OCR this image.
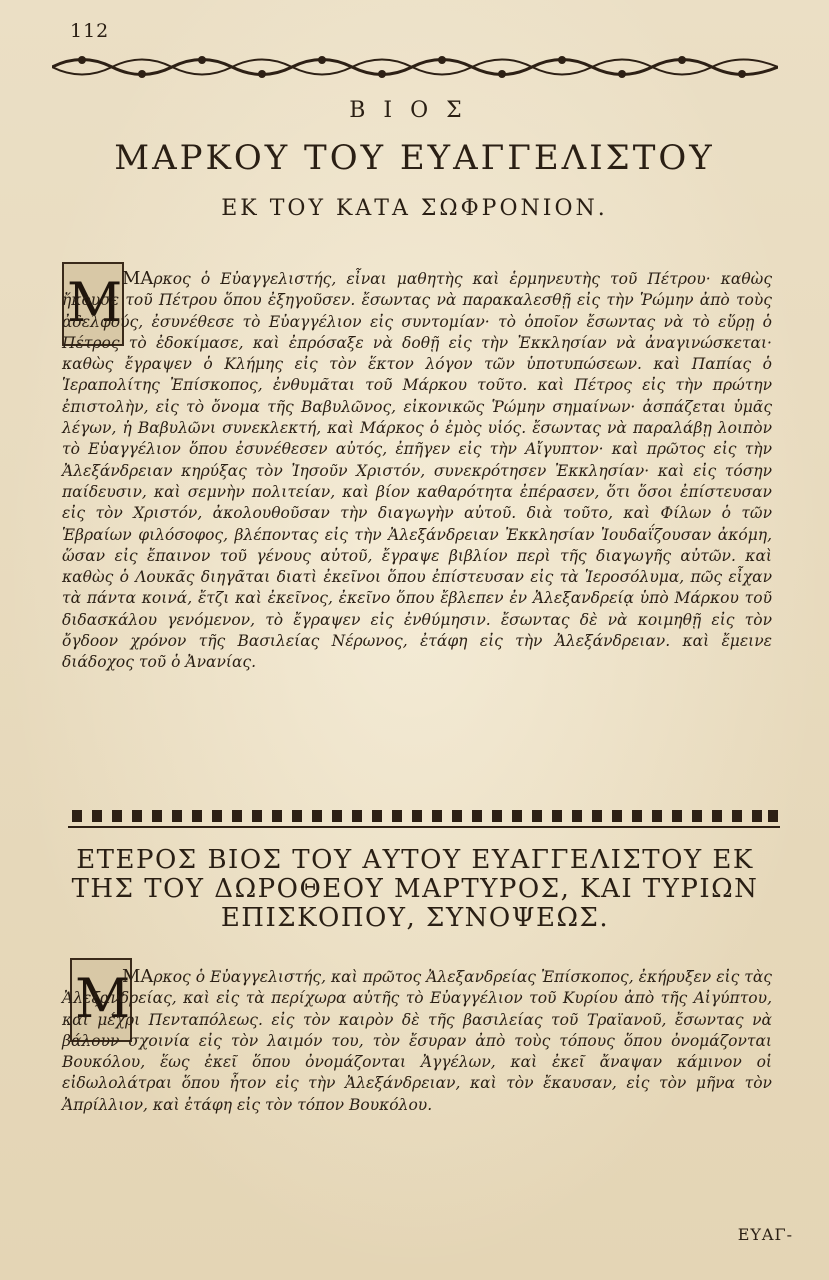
112
ΒΙΟΣ
ΜΑΡΚΟΥ ΤΟΥ ΕΥΑΓΓΕΛΙΣΤΟΥ
ΕΚ ΤΟΥ ΚΑΤΑ ΣΩΦΡΟΝΙΟΝ.
Μ ΜΑρκος ὁ Εὐαγγελιστής, εἶναι μαθητὴς καὶ ἑρμηνευτὴς τοῦ Πέτρου· καθὼς ἤκουσε τοῦ Πέτρου ὅπου ἐξηγοῦσεν. ἔσωντας νὰ παρακαλεσθῇ εἰς τὴν Ῥώμην ἀπὸ τοὺς ἀδελφούς, ἐσυνέθεσε τὸ Εὐαγγέλιον εἰς συντομίαν· τὸ ὁποῖον ἔσωντας νὰ τὸ εὕρῃ ὁ Πέτρος τὸ ἐδοκίμασε, καὶ ἐπρόσαξε νὰ δοθῇ εἰς τὴν Ἐκκλησίαν νὰ ἀναγινώσκεται· καθὼς ἔγραψεν ὁ Κλήμης εἰς τὸν ἕκτον λόγον τῶν ὑποτυπώσεων. καὶ Παπίας ὁ Ἱεραπολίτης Ἐπίσκοπος, ἐνθυμᾶται τοῦ Μάρκου τοῦτο. καὶ Πέτρος εἰς τὴν πρώτην ἐπιστολὴν, εἰς τὸ ὄνομα τῆς Βαβυλῶνος, εἰκονικῶς Ῥώμην σημαίνων· ἀσπάζεται ὑμᾶς λέγων, ἡ Βαβυλῶνι συνεκλεκτή, καὶ Μάρκος ὁ ἐμὸς υἱός. ἔσωντας νὰ παραλάβῃ λοιπὸν τὸ Εὐαγγέλιον ὅπου ἐσυνέθεσεν αὐτός, ἐπῆγεν εἰς τὴν Αἴγυπτον· καὶ πρῶτος εἰς τὴν Ἀλεξάνδρειαν κηρύξας τὸν Ἰησοῦν Χριστόν, συνεκρότησεν Ἐκκλησίαν· καὶ εἰς τόσην παίδευσιν, καὶ σεμνὴν πολιτείαν, καὶ βίον καθαρότητα ἐπέρασεν, ὅτι ὅσοι ἐπίστευσαν εἰς τὸν Χριστόν, ἀκολουθοῦσαν τὴν διαγωγὴν αὐτοῦ. διὰ τοῦτο, καὶ Φίλων ὁ τῶν Ἑβραίων φιλόσοφος, βλέποντας εἰς τὴν Ἀλεξάνδρειαν Ἐκκλησίαν Ἰουδαΐζουσαν ἀκόμη, ὥσαν εἰς ἔπαινον τοῦ γένους αὐτοῦ, ἔγραψε βιβλίον περὶ τῆς διαγωγῆς αὐτῶν. καὶ καθὼς ὁ Λουκᾶς διηγᾶται διατὶ ἐκεῖνοι ὅπου ἐπίστευσαν εἰς τὰ Ἱεροσόλυμα, πῶς εἶχαν τὰ πάντα κοινά, ἔτζι καὶ ἐκεῖνος, ἐκεῖνο ὅπου ἔβλεπεν ἐν Ἀλεξανδρείᾳ ὑπὸ Μάρκου τοῦ διδασκάλου γενόμενον, τὸ ἔγραψεν εἰς ἐνθύμησιν. ἔσωντας δὲ νὰ κοιμηθῇ εἰς τὸν ὄγδοον χρόνον τῆς Βασιλείας Νέρωνος, ἐτάφη εἰς τὴν Ἀλεξάνδρειαν. καὶ ἔμεινε διάδοχος τοῦ ὁ Ἀνανίας.

ΕΤΕΡΟΣ ΒΙΟΣ ΤΟΥ ΑΥΤΟΥ ΕΥΑΓΓΕΛΙΣΤΟΥ ΕΚ ΤΗΣ ΤΟΥ ΔΩΡΟΘΕΟΥ ΜΑΡΤΥΡΟΣ, ΚΑΙ ΤΥΡΙΩΝ ΕΠΙΣΚΟΠΟΥ, ΣΥΝΟΨΕΩΣ.
Μ

ΜΑρκος ὁ Εὐαγγελιστής, καὶ πρῶτος Ἀλεξανδρείας Ἐπίσκοπος, ἐκήρυξεν εἰς τὰς Ἀλεξανδρείας, καὶ εἰς τὰ περίχωρα αὐτῆς τὸ Εὐαγγέλιον τοῦ Κυρίου ἀπὸ τῆς Αἰγύπτου, καὶ μέχρι Πενταπόλεως. εἰς τὸν καιρὸν δὲ τῆς βασιλείας τοῦ Τραϊανοῦ, ἔσωντας νὰ βάλουν σχοινία εἰς τὸν λαιμόν του, τὸν ἔσυραν ἀπὸ τοὺς τόπους ὅπου ὀνομάζονται Βουκόλου, ἕως ἐκεῖ ὅπου ὀνομάζονται Ἀγγέλων, καὶ ἐκεῖ ἄναψαν κάμινον οἱ εἰδωλολάτραι ὅπου ἦτον εἰς τὴν Ἀλεξάνδρειαν, καὶ τὸν ἔκαυσαν, εἰς τὸν μῆνα τὸν Ἀπρίλλιον, καὶ ἐτάφη εἰς τὸν τόπον Βουκόλου.

ΕΥΑΓ-
